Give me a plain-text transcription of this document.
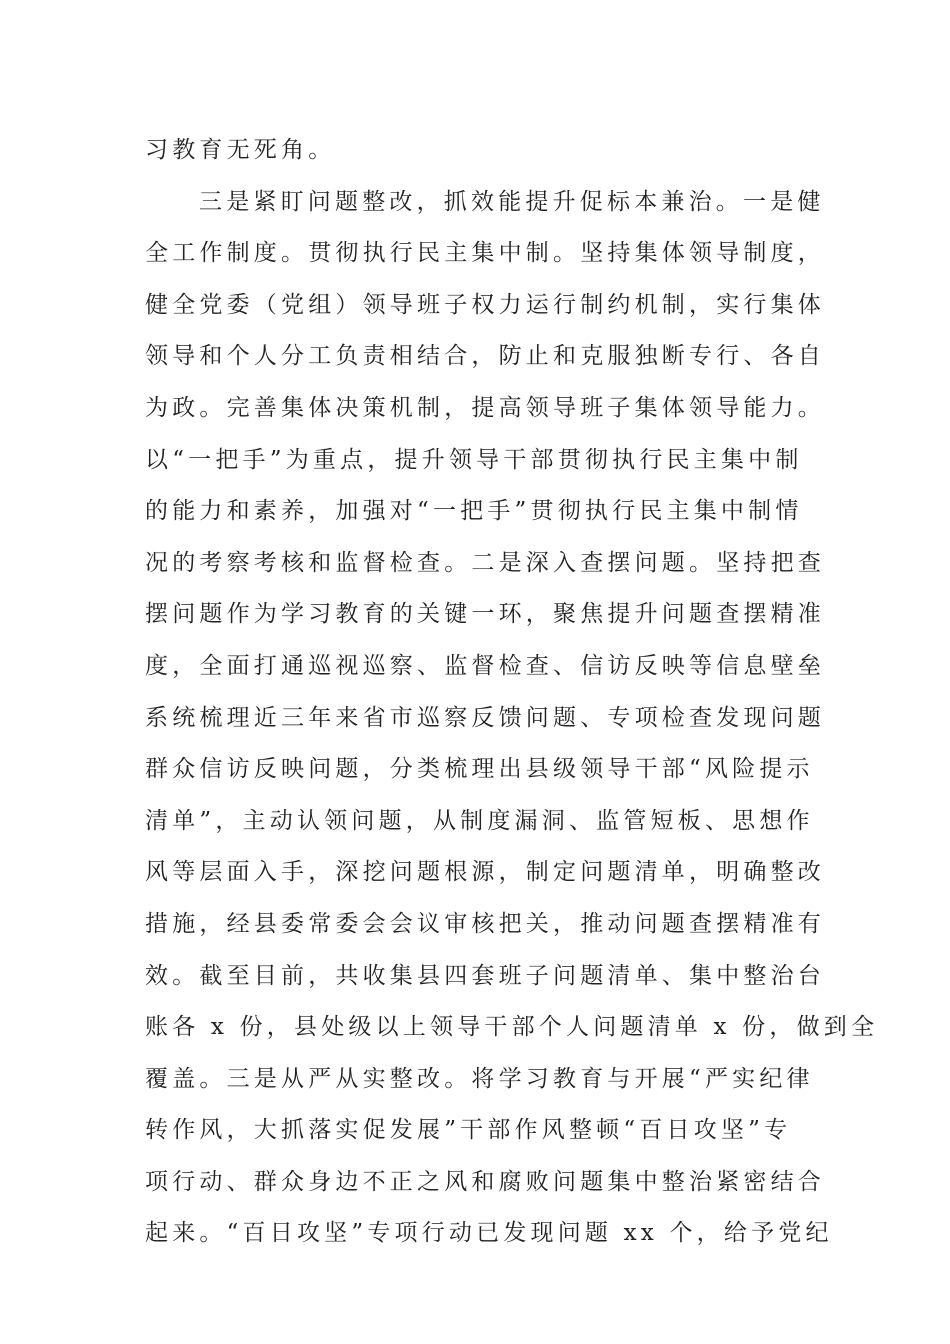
习教育无死角。
三是紧盯问题整改，抓效能提升促标本兼治。一是健
全工作制度。贯彻执行民主集中制。坚持集体领导制度，
健全党委（党组）领导班子权力运行制约机制，实行集体
领导和个人分工负责相结合，防止和克服独断专行、各自
为政。完善集体决策机制，提高领导班子集体领导能力。
以“一把手”为重点，提升领导干部贯彻执行民主集中制
的能力和素养，加强对“一把手”贯彻执行民主集中制情
况的考察考核和监督检查。二是深入查摆问题。坚持把查
摆问题作为学习教育的关键一环，聚焦提升问题查摆精准
度，全面打通巡视巡察、监督检查、信访反映等信息壁垒
系统梳理近三年来省市巡察反馈问题、专项检查发现问题
群众信访反映问题，分类梳理出县级领导干部“风险提示
清单”，主动认领问题，从制度漏洞、监管短板、思想作
风等层面入手，深挖问题根源，制定问题清单，明确整改
措施，经县委常委会会议审核把关，推动问题查摆精准有
效。截至目前，共收集县四套班子问题清单、集中整治台
账各 x 份，县处级以上领导干部个人问题清单 x 份，做到全
覆盖。三是从严从实整改。将学习教育与开展“严实纪律
转作风，大抓落实促发展”干部作风整顿“百日攻坚”专
项行动、群众身边不正之风和腐败问题集中整治紧密结合
起来。“百日攻坚”专项行动已发现问题 xx 个，给予党纪
